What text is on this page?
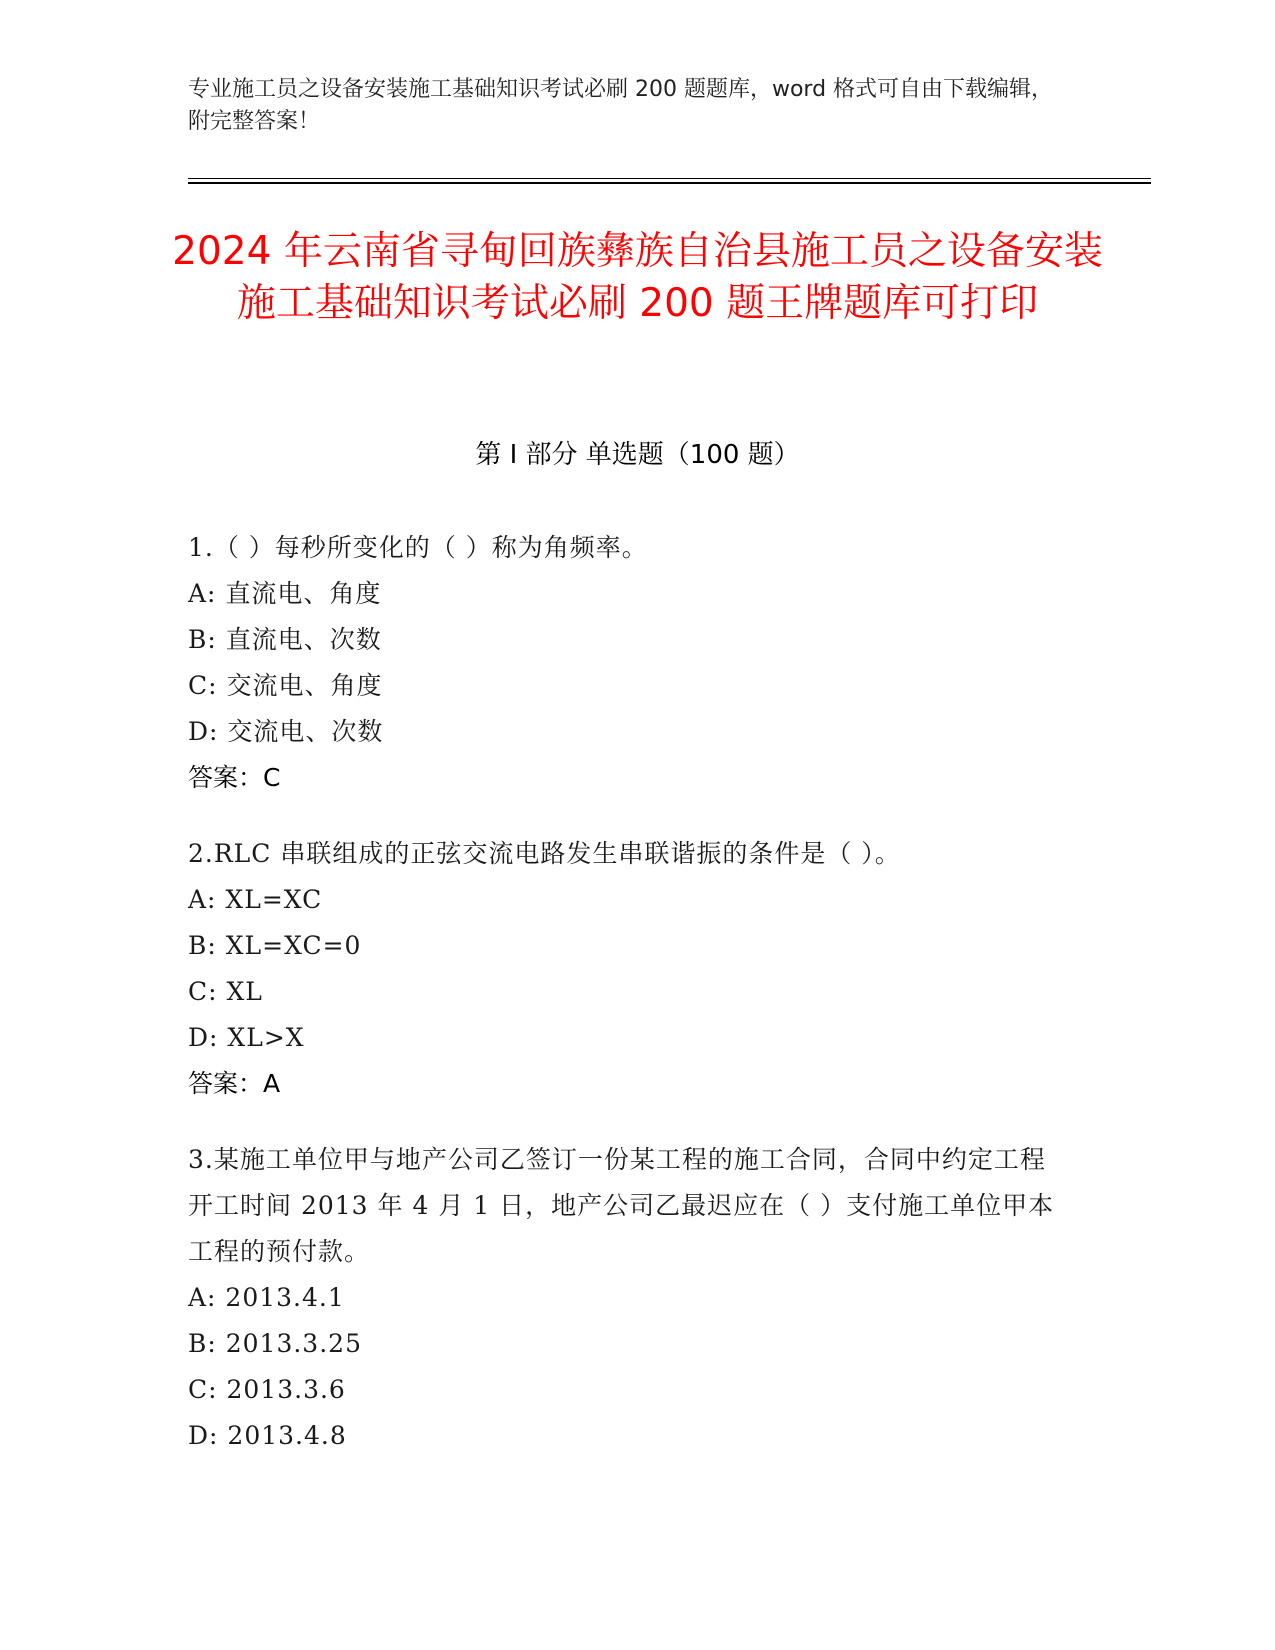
专业施工员之设备安装施工基础知识考试必刷 200 题题库，word 格式可自由下载编辑，附完整答案！
2024 年云南省寻甸回族彝族自治县施工员之设备安装施工基础知识考试必刷 200 题王牌题库可打印
第 I 部分 单选题（100 题）
1.（ ）每秒所变化的（ ）称为角频率。
A: 直流电、角度
B: 直流电、次数
C: 交流电、角度
D: 交流电、次数
答案：C
2.RLC 串联组成的正弦交流电路发生串联谐振的条件是（ ）。
A: XL=XC
B: XL=XC=0
C: XL
D: XL>X
答案：A
3.某施工单位甲与地产公司乙签订一份某工程的施工合同，合同中约定工程开工时间 2013 年 4 月 1 日，地产公司乙最迟应在（ ）支付施工单位甲本工程的预付款。
A: 2013.4.1
B: 2013.3.25
C: 2013.3.6
D: 2013.4.8
